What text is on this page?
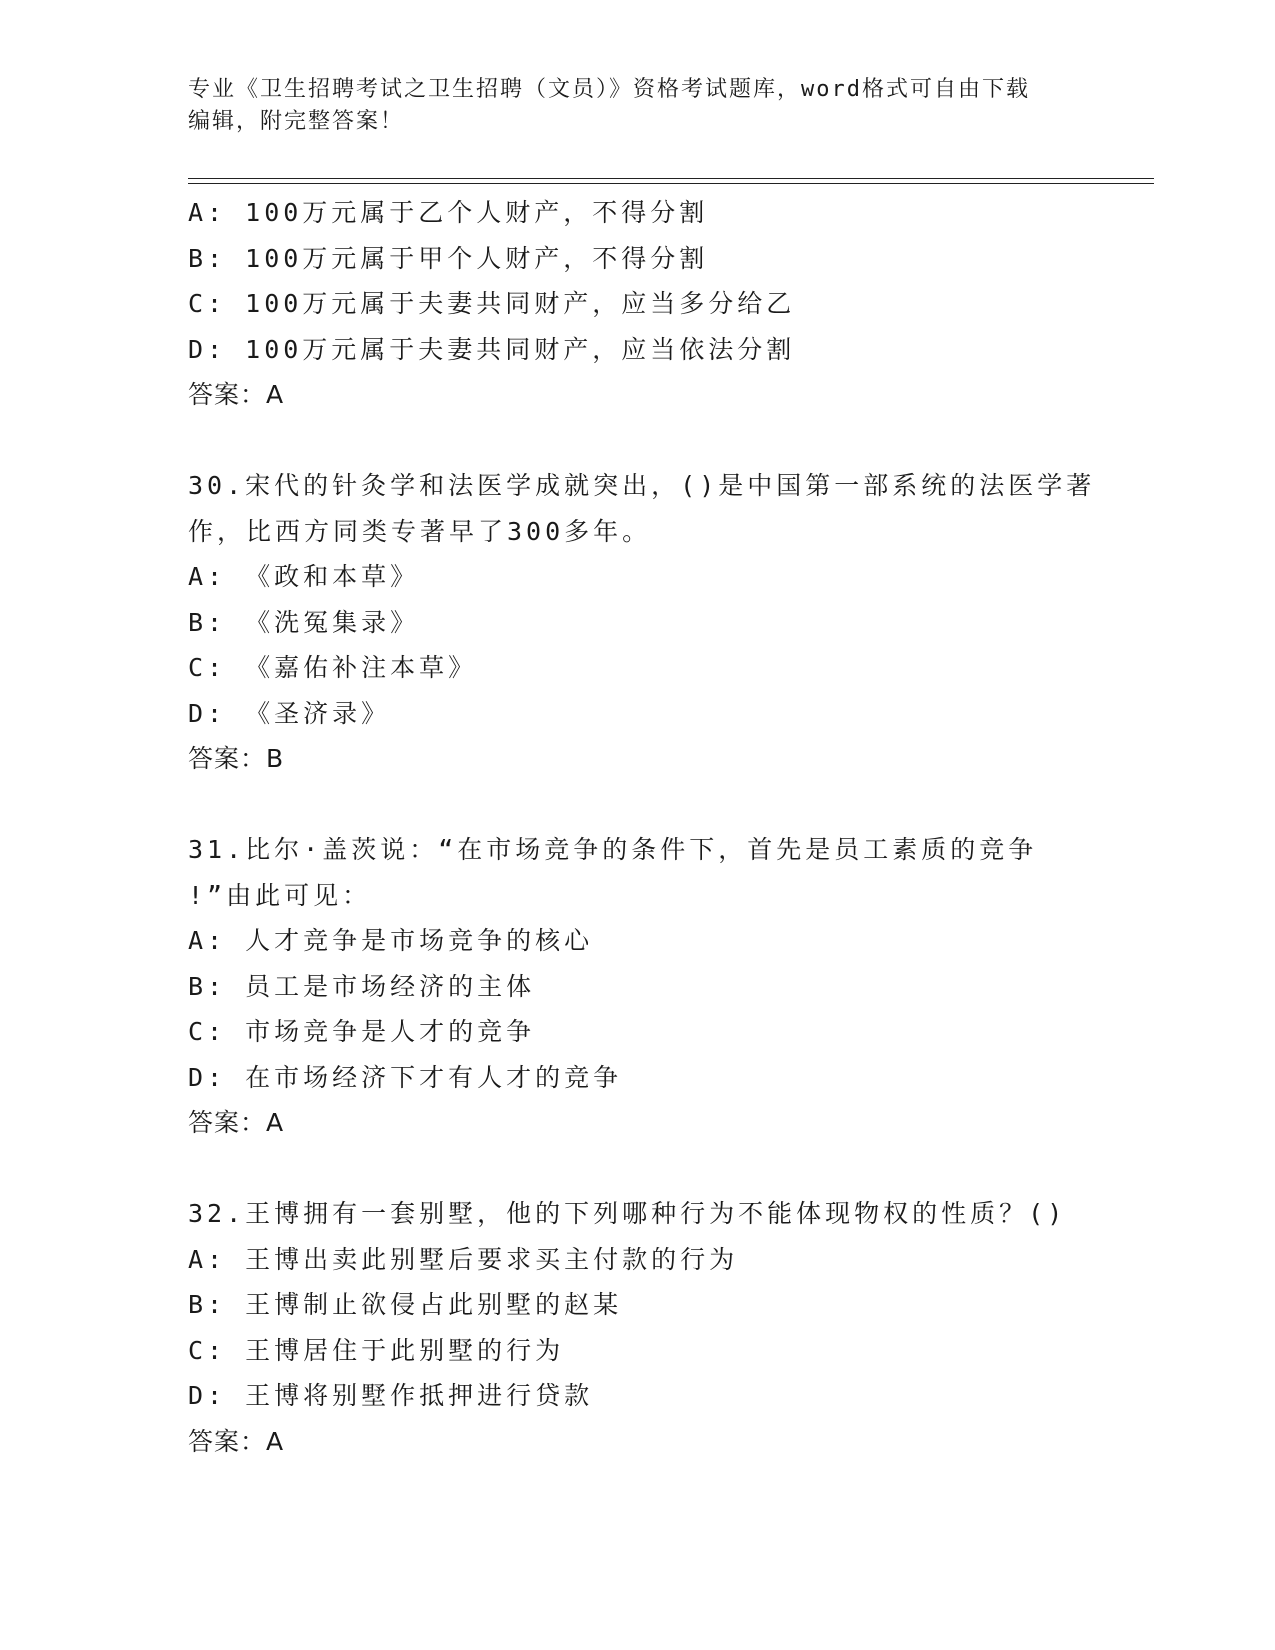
专业《卫生招聘考试之卫生招聘（文员）》资格考试题库，word格式可自由下载
编辑，附完整答案！

A: 100万元属于乙个人财产，不得分割

B: 100万元属于甲个人财产，不得分割

C: 100万元属于夫妻共同财产，应当多分给乙

D: 100万元属于夫妻共同财产，应当依法分割

答案：A

30.宋代的针灸学和法医学成就突出，()是中国第一部系统的法医学著

作，比西方同类专著早了300多年。

A: 《政和本草》

B: 《洗冤集录》

C: 《嘉佑补注本草》

D: 《圣济录》

答案：B

31.比尔·盖茨说：“在市场竞争的条件下，首先是员工素质的竞争

!”由此可见：

A: 人才竞争是市场竞争的核心

B: 员工是市场经济的主体

C: 市场竞争是人才的竞争

D: 在市场经济下才有人才的竞争

答案：A

32.王博拥有一套别墅，他的下列哪种行为不能体现物权的性质？()

A: 王博出卖此别墅后要求买主付款的行为

B: 王博制止欲侵占此别墅的赵某

C: 王博居住于此别墅的行为

D: 王博将别墅作抵押进行贷款

答案：A
